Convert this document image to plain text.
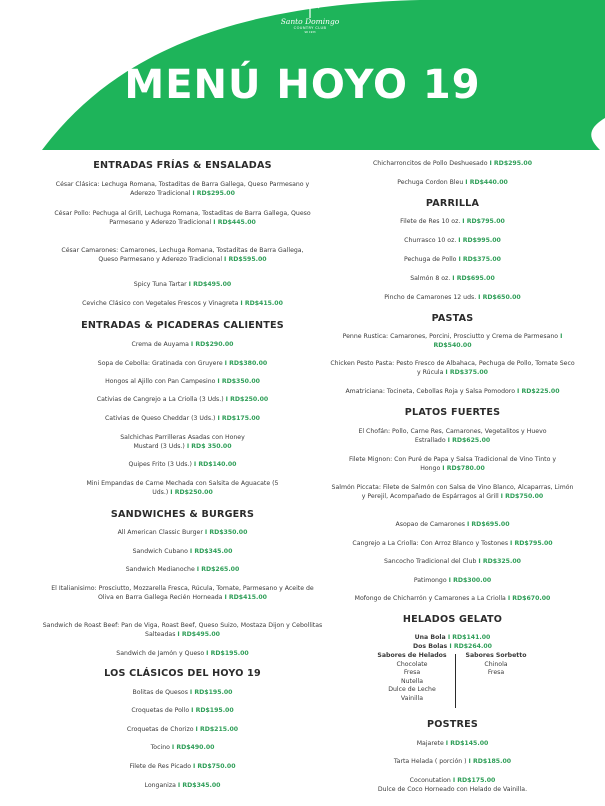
Santo Domingo
COUNTRY CLUB
SD 1933
MENÚ HOYO 19
ENTRADAS FRÍAS & ENSALADAS
César Clásica: Lechuga Romana, Tostaditas de Barra Gallega, Queso Parmesano y Aderezo Tradicional I RD$295.00
César Pollo: Pechuga al Grill, Lechuga Romana, Tostaditas de Barra Gallega, Queso Parmesano y Aderezo Tradicional I RD$445.00
César Camarones: Camarones, Lechuga Romana, Tostaditas de Barra Gallega, Queso Parmesano y Aderezo Tradicional I RD$595.00
Spicy Tuna Tartar I RD$495.00
Ceviche Clásico con Vegetales Frescos y Vinagreta I RD$415.00
ENTRADAS & PICADERAS CALIENTES
Crema de Auyama I RD$290.00
Sopa de Cebolla: Gratinada con Gruyere I RD$380.00
Hongos al Ajillo con Pan Campesino I RD$350.00
Cativias de Cangrejo a La Criolla (3 Uds.) I RD$250.00
Cativias de Queso Cheddar (3 Uds.) I RD$175.00
Salchichas Parrilleras Asadas con Honey Mustard (3 Uds.) I RD$ 350.00
Quipes Frito (3 Uds.) I RD$140.00
Mini Empandas de Carne Mechada con Salsita de Aguacate (5 Uds.) I RD$250.00
SANDWICHES & BURGERS
All American Classic Burger I RD$350.00
Sandwich Cubano I RD$345.00
Sandwich Medianoche I RD$265.00
El Italianisimo: Prosciutto, Mozzarella Fresca, Rúcula, Tomate, Parmesano y Aceite de Oliva en Barra Gallega Recién Horneada I RD$415.00
Sandwich de Roast Beef: Pan de Viga, Roast Beef, Queso Suizo, Mostaza Dijon y Cebollitas Salteadas I RD$495.00
Sandwich de Jamón y Queso I RD$195.00
LOS CLÁSICOS DEL HOYO 19
Bolitas de Quesos I RD$195.00
Croquetas de Pollo I RD$195.00
Croquetas de Chorizo I RD$215.00
Tocino I RD$490.00
Filete de Res Picado I RD$750.00
Longaniza I RD$345.00
Chicharroncitos de Pollo Deshuesado I RD$295.00
Pechuga Cordon Bleu I RD$440.00
PARRILLA
Filete de Res 10 oz. I RD$795.00
Churrasco 10 oz. I RD$995.00
Pechuga de Pollo I RD$375.00
Salmón 8 oz. I RD$695.00
Pincho de Camarones 12 uds. I RD$650.00
PASTAS
Penne Rustica: Camarones, Porcini, Prosciutto y Crema de Parmesano I RD$540.00
Chicken Pesto Pasta: Pesto Fresco de Albahaca, Pechuga de Pollo, Tomate Seco y Rúcula I RD$375.00
Amatriciana: Tocineta, Cebollas Roja y Salsa Pomodoro I RD$225.00
PLATOS FUERTES
El Chofán: Pollo, Carne Res, Camarones, Vegetalitos y Huevo Estrallado I RD$625.00
Filete Mignon: Con Puré de Papa y Salsa Tradicional de Vino Tinto y Hongo I RD$780.00
Salmón Piccata: Filete de Salmón con Salsa de Vino Blanco, Alcaparras, Limón y Perejil, Acompañado de Espárragos al Grill I RD$750.00
Asopao de Camarones I RD$695.00
Cangrejo a La Criolla: Con Arroz Blanco y Tostones I RD$795.00
Sancocho Tradicional del Club I RD$325.00
Patimongo I RD$300.00
Mofongo de Chicharrón y Camarones a La Criolla I RD$670.00
HELADOS GELATO
Una Bola I RD$141.00
Dos Bolas I RD$264.00
Sabores de Helados
Chocolate
Fresa
Nutella
Dulce de Leche
Vainilla
Sabores Sorbetto
Chinola
Fresa
POSTRES
Majarete I RD$145.00
Tarta Helada ( porción ) I RD$185.00
Coconutation I RD$175.00
Dulce de Coco Horneado con Helado de Vainilla.
